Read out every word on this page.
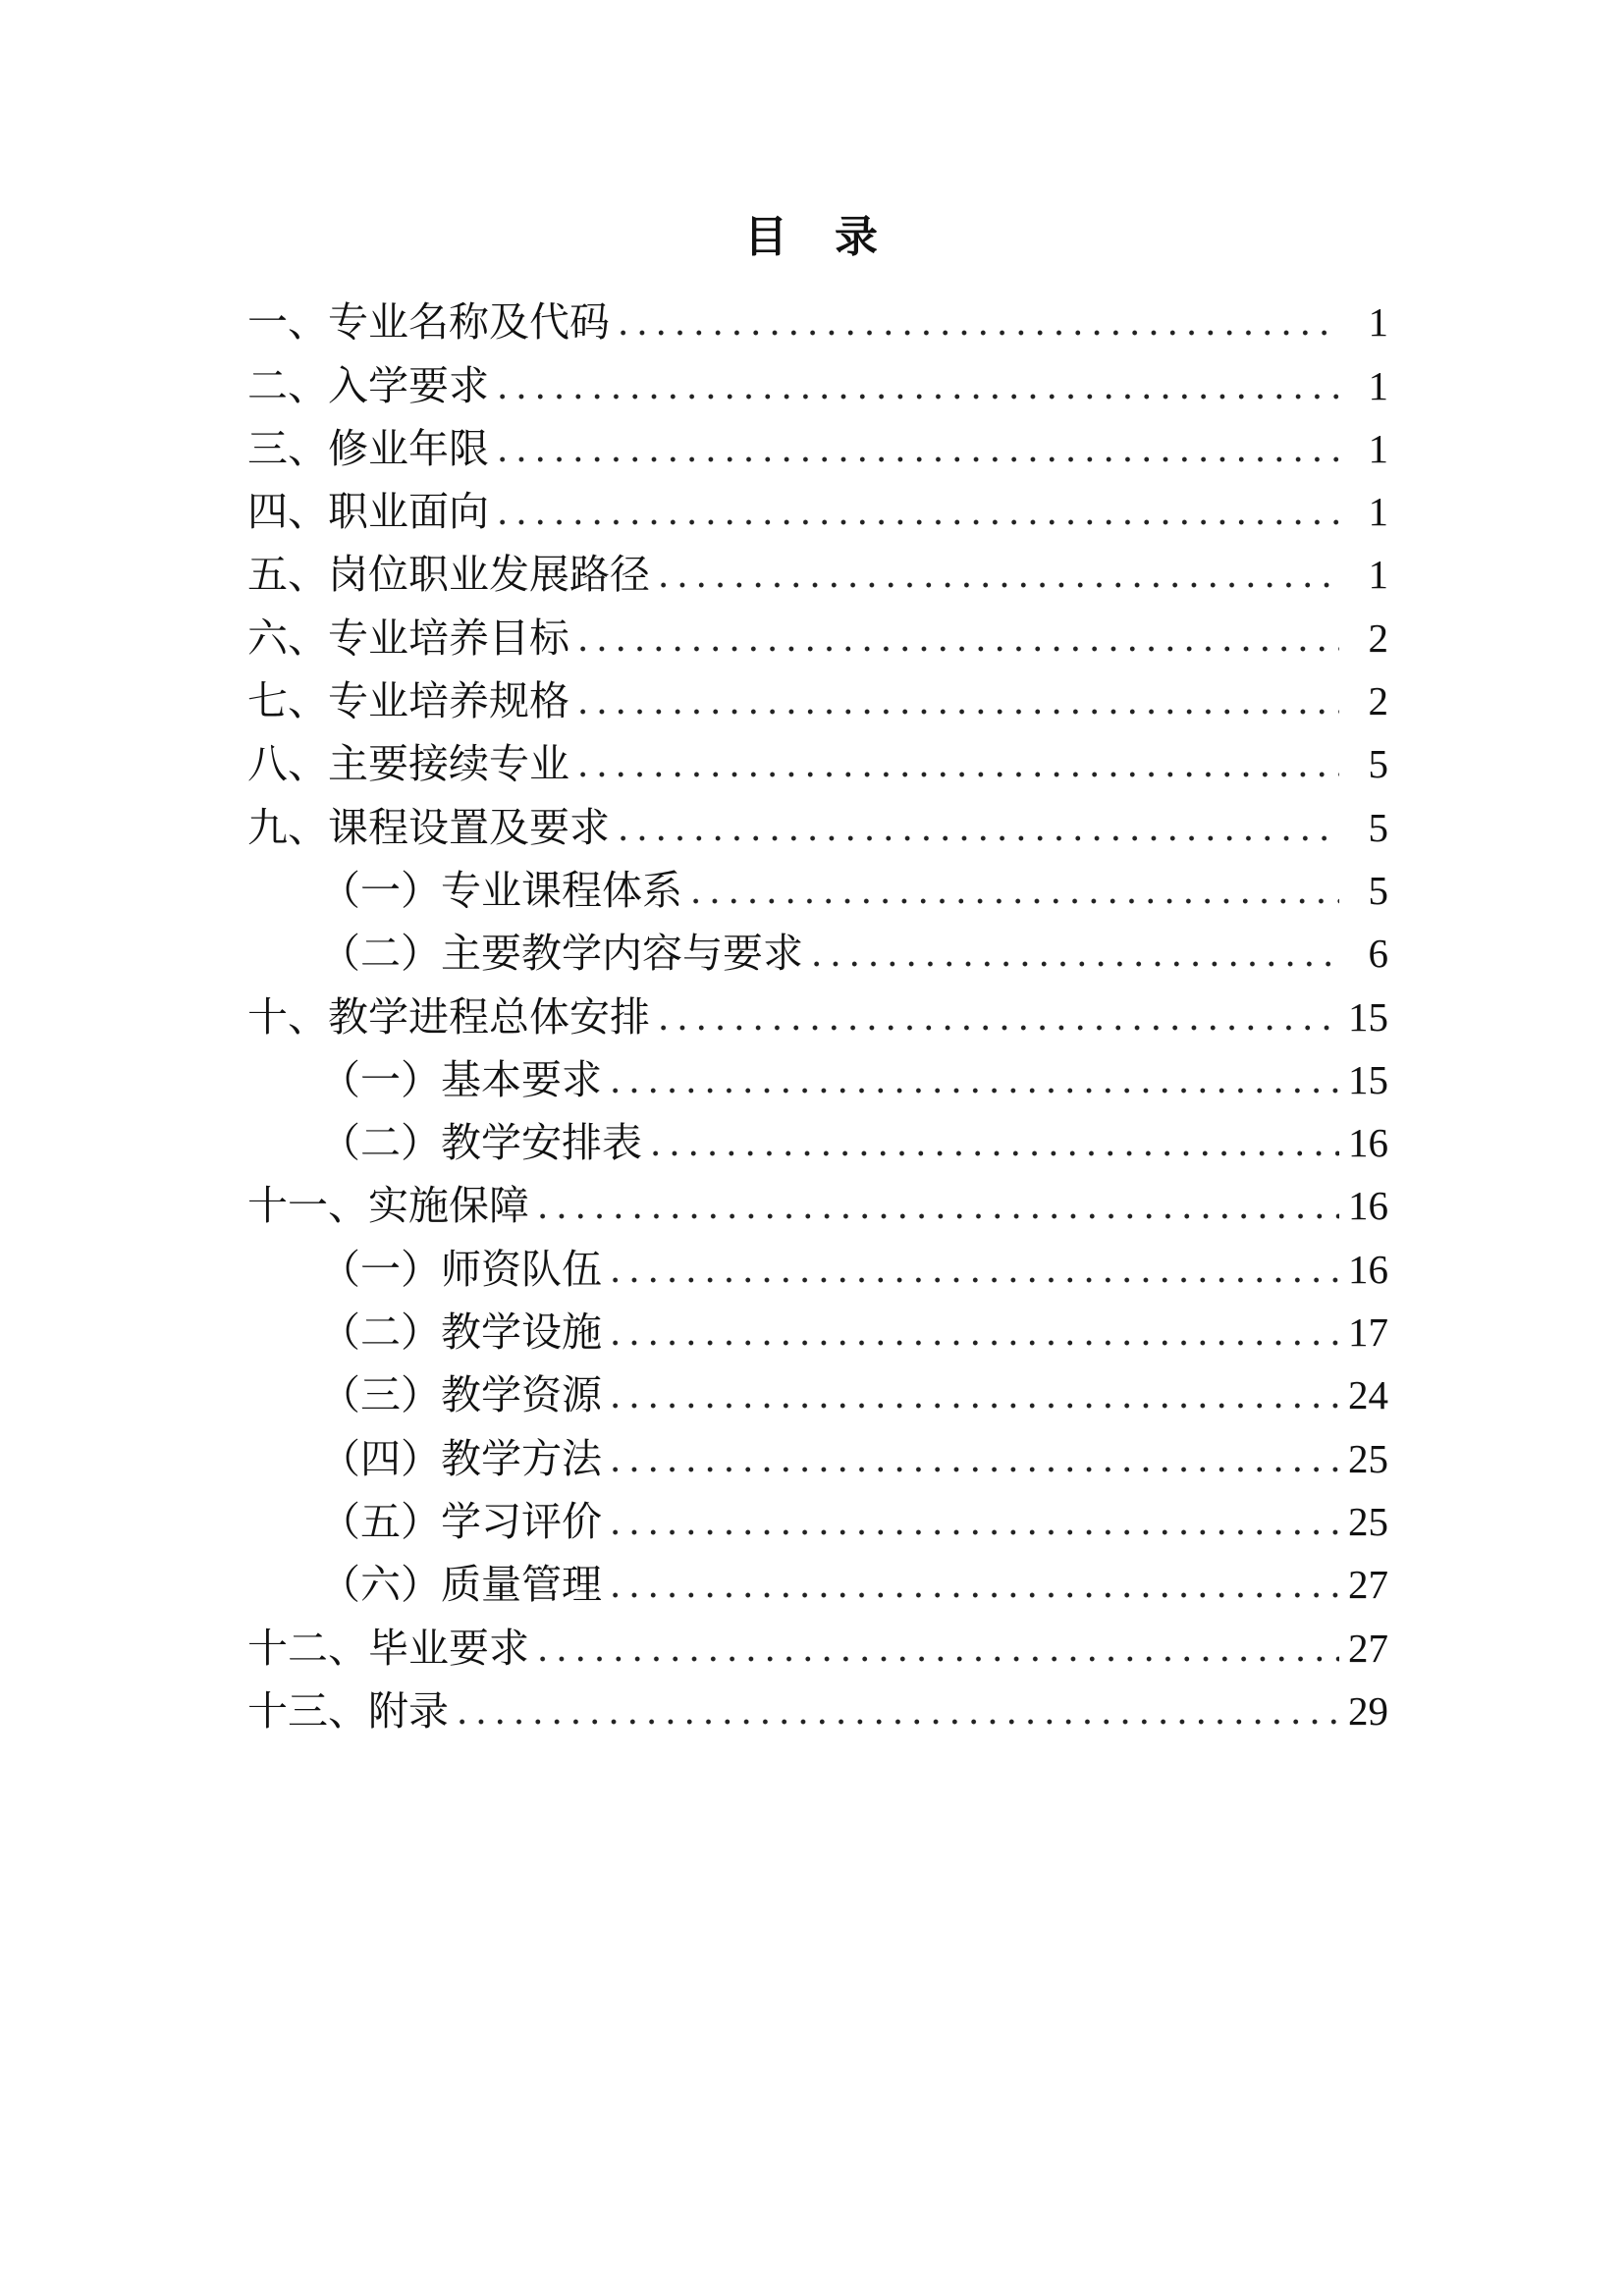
目　录
一、专业名称及代码	1
二、入学要求	1
三、修业年限	1
四、职业面向	1
五、岗位职业发展路径	1
六、专业培养目标	2
七、专业培养规格	2
八、主要接续专业	5
九、课程设置及要求	5
（一）专业课程体系	5
（二）主要教学内容与要求	6
十、教学进程总体安排	15
（一）基本要求	15
（二）教学安排表	16
十一、实施保障	16
（一）师资队伍	16
（二）教学设施	17
（三）教学资源	24
（四）教学方法	25
（五）学习评价	25
（六）质量管理	27
十二、毕业要求	27
十三、附录	29
